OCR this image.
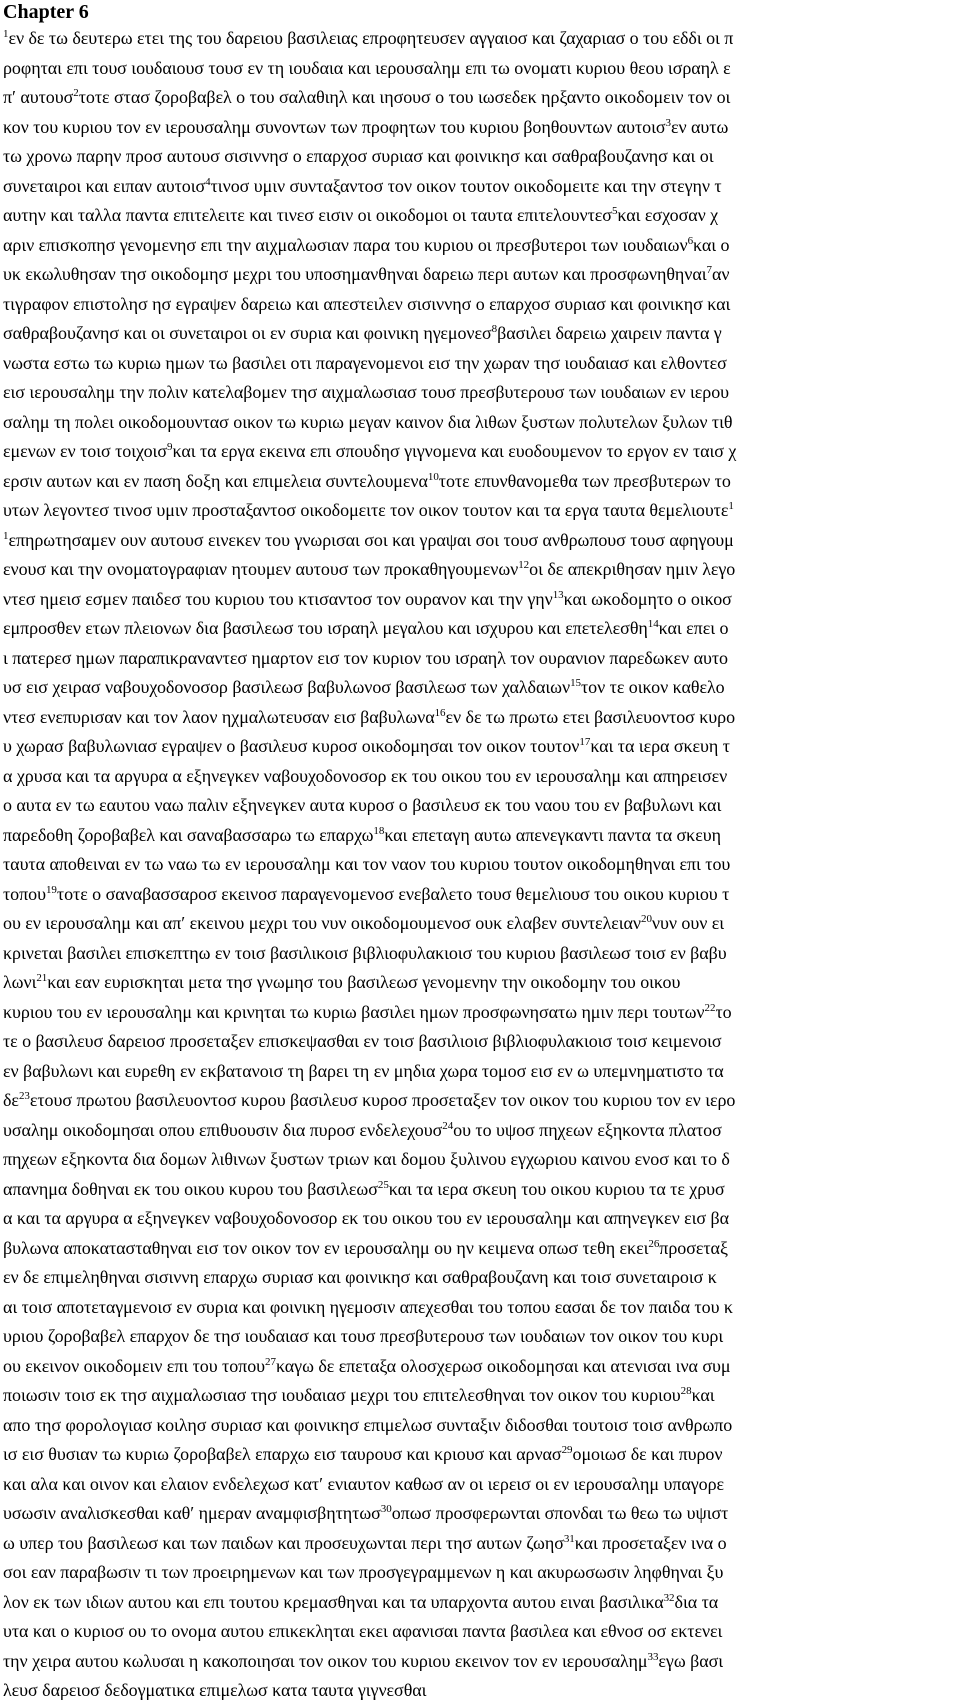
Chapter 6
$^1$εν δε τω δευτερω ετει της του δαρειου βασιλειας επροφητευσεν αγγαιοσ και ζαχαριασ ο του εδδι οι π
ροφηται επι τουσ ιουδαιουσ τουσ εν τη ιουδαια και ιερουσαλημ επι τω ονοματι κυριου θεου ισραηλ ε
π′ αυτουσ$^2$τοτε στασ ζοροβαβελ ο του σαλαθιηλ και ιησουσ ο του ιωσεδεκ ηρξαντο οικοδομειν τον οι
κον του κυριου τον εν ιερουσαλημ συνοντων των προφητων του κυριου βοηθουντων αυτοισ$^3$εν αυτω
τω χρονω παρην προσ αυτουσ σισιννησ ο επαρχοσ συριασ και φοινικησ και σαθραβουζανησ και οι
συνεταιροι και ειπαν αυτοισ$^4$τινοσ υμιν συνταξαντοσ τον οικον τουτον οικοδομειτε και την στεγην τ
αυτην και ταλλα παντα επιτελειτε και τινεσ εισιν οι οικοδομοι οι ταυτα επιτελουντεσ$^5$και εσχοσαν χ
αριν επισκοπησ γενομενησ επι την αιχμαλωσιαν παρα του κυριου οι πρεσβυτεροι των ιουδαιων$^6$και ο
υκ εκωλυθησαν τησ οικοδομησ μεχρι του υποσημανθηναι δαρειω περι αυτων και προσφωνηθηναι$^7$αν
τιγραφον επιστολησ ησ εγραψεν δαρειω και απεστειλεν σισιννησ ο επαρχοσ συριασ και φοινικησ και
σαθραβουζανησ και οι συνεταιροι οι εν συρια και φοινικη ηγεμονεσ$^8$βασιλει δαρειω χαιρειν παντα γ
νωστα εστω τω κυριω ημων τω βασιλει οτι παραγενομενοι εισ την χωραν τησ ιουδαιασ και ελθοντεσ
εισ ιερουσαλημ την πολιν κατελαβομεν τησ αιχμαλωσιασ τουσ πρεσβυτερουσ των ιουδαιων εν ιερου
σαλημ τη πολει οικοδομουντασ οικον τω κυριω μεγαν καινον δια λιθων ξυστων πολυτελων ξυλων τιθ
εμενων εν τοισ τοιχοισ$^9$και τα εργα εκεινα επι σπουδησ γιγνομενα και ευοδουμενον το εργον εν ταισ χ
ερσιν αυτων και εν παση δοξη και επιμελεια συντελουμενα$^{10}$τοτε επυνθανομεθα των πρεσβυτερων το
υτων λεγοντεσ τινοσ υμιν προσταξαντοσ οικοδομειτε τον οικον τουτον και τα εργα ταυτα θεμελιουτε$^1$
$^1$επηρωτησαμεν ουν αυτουσ εινεκεν του γνωρισαι σοι και γραψαι σοι τουσ ανθρωπουσ τουσ αφηγουμ
ενουσ και την ονοματογραφιαν ητουμεν αυτουσ των προκαθηγουμενων$^{12}$οι δε απεκριθησαν ημιν λεγο
ντεσ ημεισ εσμεν παιδεσ του κυριου του κτισαντοσ τον ουρανον και την γην$^{13}$και ωκοδομητο ο οικοσ
εμπροσθεν ετων πλειονων δια βασιλεωσ του ισραηλ μεγαλου και ισχυρου και επετελεσθη$^{14}$και επει ο
ι πατερεσ ημων παραπικραναντεσ ημαρτον εισ τον κυριον του ισραηλ τον ουρανιον παρεδωκεν αυτο
υσ εισ χειρασ ναβουχοδονοσορ βασιλεωσ βαβυλωνοσ βασιλεωσ των χαλδαιων$^{15}$τον τε οικον καθελο
ντεσ ενεπυρισαν και τον λαον ηχμαλωτευσαν εισ βαβυλωνα$^{16}$εν δε τω πρωτω ετει βασιλευοντοσ κυρο
υ χωρασ βαβυλωνιασ εγραψεν ο βασιλευσ κυροσ οικοδομησαι τον οικον τουτον$^{17}$και τα ιερα σκευη τ
α χρυσα και τα αργυρα α εξηνεγκεν ναβουχοδονοσορ εκ του οικου του εν ιερουσαλημ και απηρεισεν
ο αυτα εν τω εαυτου ναω παλιν εξηνεγκεν αυτα κυροσ ο βασιλευσ εκ του ναου του εν βαβυλωνι και
παρεδοθη ζοροβαβελ και σαναβασσαρω τω επαρχω$^{18}$και επεταγη αυτω απενεγκαντι παντα τα σκευη
ταυτα αποθειναι εν τω ναω τω εν ιερουσαλημ και τον ναον του κυριου τουτον οικοδομηθηναι επι του
τοπου$^{19}$τοτε ο σαναβασσαροσ εκεινοσ παραγενομενοσ ενεβαλετο τουσ θεμελιουσ του οικου κυριου τ
ου εν ιερουσαλημ και απ′ εκεινου μεχρι του νυν οικοδομουμενοσ ουκ ελαβεν συντελειαν$^{20}$νυν ουν ει
κρινεται βασιλει επισκεπτηω εν τοισ βασιλικοισ βιβλιοφυλακιοισ του κυριου βασιλεωσ τοισ εν βαβυ
λωνι$^{21}$και εαν ευρισκηται μετα τησ γνωμησ του βασιλεωσ γενομενην την οικοδομην του οικου
κυριου του εν ιερουσαλημ και κρινηται τω κυριω βασιλει ημων προσφωνησατω ημιν περι τουτων$^{22}$το
τε ο βασιλευσ δαρειοσ προσεταξεν επισκεψασθαι εν τοισ βασιλιοισ βιβλιοφυλακιοισ τοισ κειμενοισ
εν βαβυλωνι και ευρεθη εν εκβατανοισ τη βαρει τη εν μηδια χωρα τομοσ εισ εν ω υπεμνηματιστο τα
$\delta\varepsilon^{23}\varepsilon\tau o\upsilon\sigma$ πρωτου βασιλευοντοσ κυρου βασιλευσ κυροσ προσεταξεν τον οικον του κυριου τον εν ιερο
υσαλημ οικοδομησαι οπου επιθυουσιν δια πυροσ ενδελεχουσ$^{24}$ου το υψοσ πηχεων εξηκοντα πλατοσ
πηχεων εξηκοντα δια δομων λιθινων ξυστων τριων και δομου ξυλινου εγχωριου καινου ενοσ και το δ
απανημα δοθηναι εκ του οικου κυρου του βασιλεωσ$^{25}$και τα ιερα σκευη του οικου κυριου τα τε χρυσ
α και τα αργυρα α εξηνεγκεν ναβουχοδονοσορ εκ του οικου του εν ιερουσαλημ και απηνεγκεν εισ βα
βυλωνα αποκατασταθηναι εισ τον οικον τον εν ιερουσαλημ ου ην κειμενα οπωσ τεθη εκει$^{26}$προσεταξ
εν δε επιμεληθηναι σισιννη επαρχω συριασ και φοινικησ και σαθραβουζανη και τοισ συνεταιροισ κ
αι τοισ αποτεταγμενοισ εν συρια και φοινικη ηγεμοσιν απεχεσθαι του τοπου εασαι δε τον παιδα του κ
υριου ζοροβαβελ επαρχον δε τησ ιουδαιασ και τουσ πρεσβυτερουσ των ιουδαιων τον οικον του κυρι
ου εκεινον οικοδομειν επι του τοπου$^{27}$καγω δε επεταξα ολοσχερωσ οικοδομησαι και ατενισαι ινα συμ
ποιωσιν τοισ εκ τησ αιχμαλωσιασ τησ ιουδαιασ μεχρι του επιτελεσθηναι τον οικον του κυριου$^{28}$και
απο τησ φορολογιασ κοιλησ συριασ και φοινικησ επιμελωσ συνταξιν διδοσθαι τουτοισ τοισ ανθρωπο
ισ εισ θυσιαν τω κυριω ζοροβαβελ επαρχω εισ ταυρουσ και κριουσ και αρνασ$^{29}$ομοιωσ δε και πυρον
και αλα και οινον και ελαιον ενδελεχωσ κατ′ ενιαυτον καθωσ αν οι ιερεισ οι εν ιερουσαλημ υπαγορε
υσωσιν αναλισκεσθαι καθ′ ημεραν αναμφισβητητωσ$^{30}$οπωσ προσφερωνται σπονδαι τω θεω τω υψιστ
ω υπερ του βασιλεωσ και των παιδων και προσευχωνται περι τησ αυτων ζωησ$^{31}$και προσεταξεν ινα ο
σοι εαν παραβωσιν τι των προειρημενων και των προσγεγραμμενων η και ακυρωσωσιν ληφθηναι ξυ
λον εκ των ιδιων αυτου και επι τουτου κρεμασθηναι και τα υπαρχοντα αυτου ειναι βασιλικα$^{32}$δια τα
υτα και ο κυριοσ ου το ονομα αυτου επικεκληται εκει αφανισαι παντα βασιλεα και εθνοσ οσ εκτενει
την χειρα αυτου κωλυσαι η κακοποιησαι τον οικον του κυριου εκεινον τον εν ιερουσαλημ$^{33}$εγω βασι
λευσ δαρειοσ δεδογματικα επιμελωσ κατα ταυτα γιγνεσθαι
